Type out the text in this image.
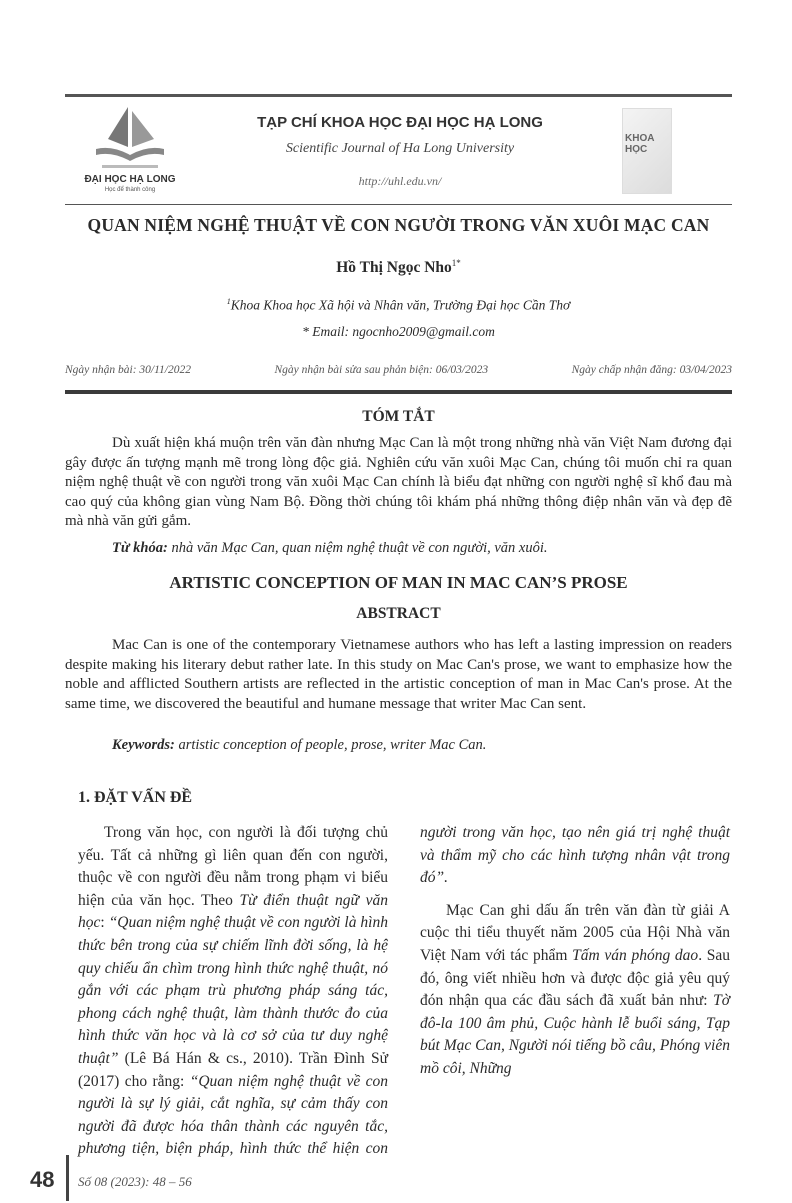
ĐẠI HỌC HẠ LONG
Học để thành công
TẠP CHÍ KHOA HỌC ĐẠI HỌC HẠ LONG
Scientific Journal of Ha Long University
http://uhl.edu.vn/
KHOA HỌC
QUAN NIỆM NGHỆ THUẬT VỀ CON NGƯỜI TRONG VĂN XUÔI MẠC CAN
Hồ Thị Ngọc Nho$^{1*}$
$^1$Khoa Khoa học Xã hội và Nhân văn, Trường Đại học Cần Thơ
* Email: ngocnho2009@gmail.com
Ngày nhận bài: 30/11/2022	Ngày nhận bài sửa sau phản biện: 06/03/2023	Ngày chấp nhận đăng: 03/04/2023
TÓM TẮT
Dù xuất hiện khá muộn trên văn đàn nhưng Mạc Can là một trong những nhà văn Việt Nam đương đại gây được ấn tượng mạnh mẽ trong lòng độc giả. Nghiên cứu văn xuôi Mạc Can, chúng tôi muốn chỉ ra quan niệm nghệ thuật về con người trong văn xuôi Mạc Can chính là biểu đạt những con người nghệ sĩ khổ đau mà cao quý của không gian vùng Nam Bộ. Đồng thời chúng tôi khám phá những thông điệp nhân văn và đẹp đẽ mà nhà văn gửi gắm.
Từ khóa: nhà văn Mạc Can, quan niệm nghệ thuật về con người, văn xuôi.
ARTISTIC CONCEPTION OF MAN IN MAC CAN’S PROSE
ABSTRACT
Mac Can is one of the contemporary Vietnamese authors who has left a lasting impression on readers despite making his literary debut rather late. In this study on Mac Can's prose, we want to emphasize how the noble and afflicted Southern artists are reflected in the artistic conception of man in Mac Can's prose. At the same time, we discovered the beautiful and humane message that writer Mac Can sent.
Keywords: artistic conception of people, prose, writer Mac Can.
1. ĐẶT VẤN ĐỀ

Trong văn học, con người là đối tượng chủ yếu. Tất cả những gì liên quan đến con người, thuộc về con người đều nằm trong phạm vi biểu hiện của văn học. Theo Từ điển thuật ngữ văn học: “Quan niệm nghệ thuật về con người là hình thức bên trong của sự chiếm lĩnh đời sống, là hệ quy chiếu ẩn chìm trong hình thức nghệ thuật, nó gắn với các phạm trù phương pháp sáng tác, phong cách nghệ thuật, làm thành thước đo của hình thức văn học và là cơ sở của tư duy nghệ thuật” (Lê Bá Hán & cs., 2010). Trần Đình Sử (2017) cho rằng: “Quan niệm nghệ thuật về con người là sự lý giải, cắt nghĩa, sự cảm thấy con người đã được hóa thân thành các nguyên tắc, phương tiện, biện pháp, hình thức thể hiện con người trong văn học, tạo nên giá trị nghệ thuật và thẩm mỹ cho các hình tượng nhân vật trong đó”.

Mạc Can ghi dấu ấn trên văn đàn từ giải A cuộc thi tiểu thuyết năm 2005 của Hội Nhà văn Việt Nam với tác phẩm Tấm ván phóng dao. Sau đó, ông viết nhiều hơn và được độc giả yêu quý đón nhận qua các đầu sách đã xuất bản như: Tờ đô-la 100 âm phủ, Cuộc hành lễ buổi sáng, Tạp bút Mạc Can, Người nói tiếng bồ câu, Phóng viên mồ côi, Những

48 Số 08 (2023): 48 – 56
